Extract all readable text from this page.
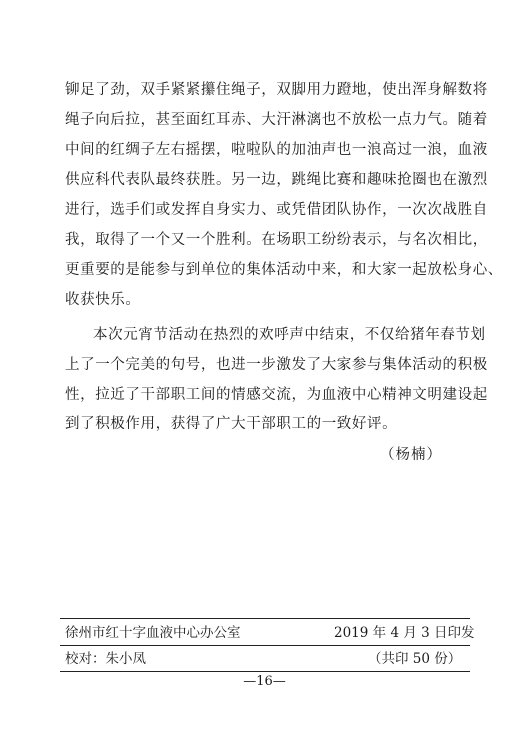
铆足了劲，双手紧紧攥住绳子，双脚用力蹬地，使出浑身解数将
绳子向后拉，甚至面红耳赤、大汗淋漓也不放松一点力气。随着
中间的红绸子左右摇摆，啦啦队的加油声也一浪高过一浪，血液
供应科代表队最终获胜。另一边，跳绳比赛和趣味抢圈也在激烈
进行，选手们或发挥自身实力、或凭借团队协作，一次次战胜自
我，取得了一个又一个胜利。在场职工纷纷表示，与名次相比，
更重要的是能参与到单位的集体活动中来，和大家一起放松身心、
收获快乐。
本次元宵节活动在热烈的欢呼声中结束，不仅给猪年春节划
上了一个完美的句号，也进一步激发了大家参与集体活动的积极
性，拉近了干部职工间的情感交流，为血液中心精神文明建设起
到了积极作用，获得了广大干部职工的一致好评。
（杨楠）
徐州市红十字血液中心办公室	2019 年 4 月 3 日印发
校对：朱小凤	（共印 50 份）
—16—
